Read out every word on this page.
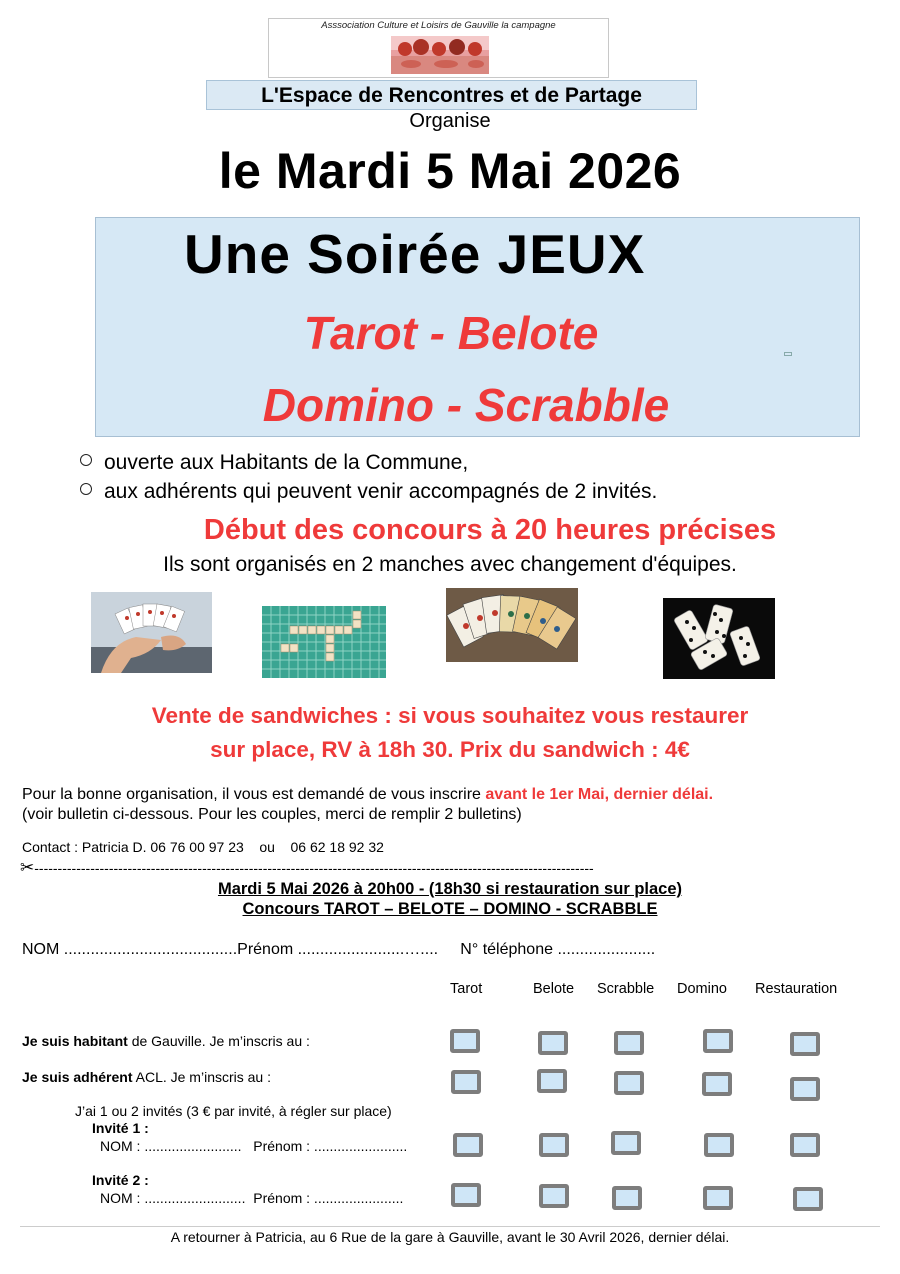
Asssociation Culture et Loisirs de Gauville la campagne
L'Espace de Rencontres et de Partage
Organise
le Mardi 5 Mai 2026
Une Soirée JEUX
Tarot - Belote
Domino - Scrabble
ouverte aux Habitants de la Commune,
aux adhérents qui peuvent venir accompagnés de 2 invités.
Début des concours à 20 heures précises
Ils sont organisés en 2 manches avec changement d'équipes.
Vente de sandwiches : si vous souhaitez vous restaurer
sur place, RV à 18h 30. Prix du sandwich : 4€
Pour la bonne organisation, il vous est demandé de vous inscrire avant le 1er Mai, dernier délai.
(voir bulletin ci-dessous. Pour les couples, merci de remplir 2 bulletins)
Contact : Patricia D. 06 76 00 97 23    ou    06 62 18 92 32
✂------------------------------------------------------------------------------------------------------------------------
Mardi 5 Mai 2026 à 20h00 - (18h30 si restauration sur place)
Concours TAROT – BELOTE – DOMINO - SCRABBLE
NOM .......................................Prénom ........................…....     N° téléphone ......................
Tarot	Belote Scrabble Domino Restauration
Je suis habitant de Gauville. Je m’inscris au :
Je suis adhérent ACL. Je m’inscris au :
J’ai 1 ou 2 invités (3 € par invité, à régler sur place)
Invité 1 :
NOM : .........................   Prénom : ........................
Invité 2 :
NOM : ..........................  Prénom : .......................
A retourner à Patricia, au 6 Rue de la gare à Gauville, avant le 30 Avril 2026, dernier délai.
